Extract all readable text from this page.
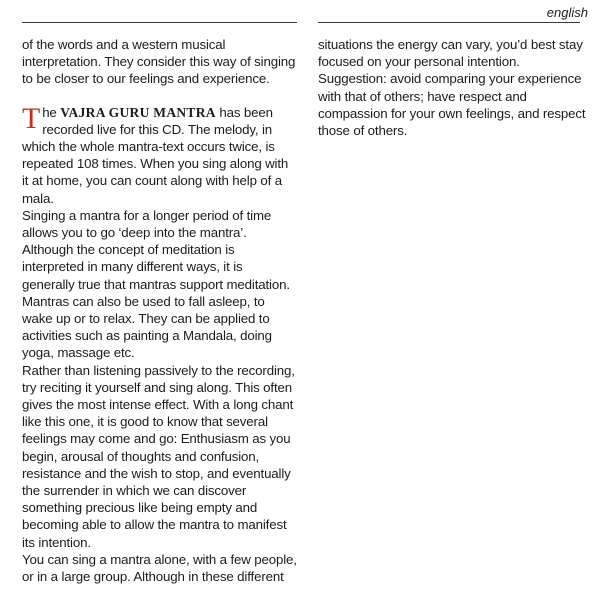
english

of the words and a western musical interpretation. They consider this way of singing to be closer to our feelings and experience.

The VAJRA GURU MANTRA has been recorded live for this CD. The melody, in which the whole mantra-text occurs twice, is repeated 108 times. When you sing along with it at home, you can count along with help of a mala.

Singing a mantra for a longer period of time allows you to go ‘deep into the mantra’. Although the concept of meditation is interpreted in many different ways, it is generally true that mantras support meditation. Mantras can also be used to fall asleep, to wake up or to relax. They can be applied to activities such as painting a Mandala, doing yoga, massage etc.

Rather than listening passively to the recording, try reciting it yourself and sing along. This often gives the most intense effect. With a long chant like this one, it is good to know that several feelings may come and go: Enthusiasm as you begin, arousal of thoughts and confusion, resistance and the wish to stop, and eventually the surrender in which we can discover something precious like being empty and becoming able to allow the mantra to manifest its intention.

You can sing a mantra alone, with a few people, or in a large group. Although in these different

situations the energy can vary, you’d best stay focused on your personal intention. Suggestion: avoid comparing your experience with that of others; have respect and compassion for your own feelings, and respect those of others.
